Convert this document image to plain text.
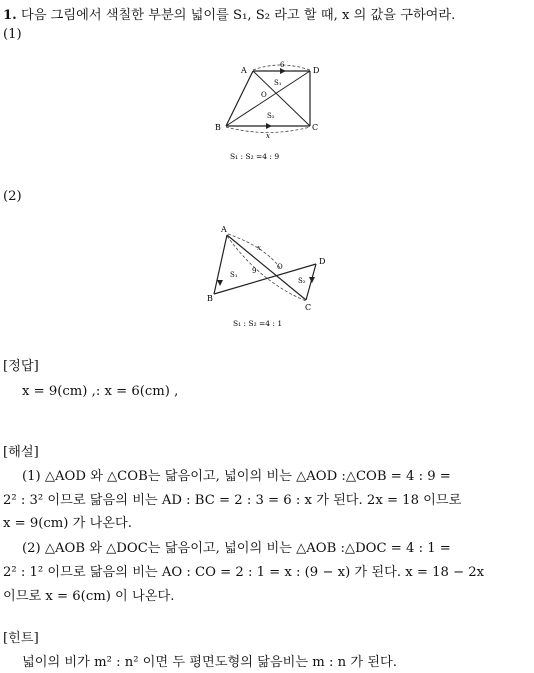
1. 다음 그림에서 색칠한 부분의 넓이를 S₁, S₂ 라고 할 때, x 의 값을 구하여라.
(1)
A	D
B	C
O
S₁
S₂
6
x
S₁ : S₂ =4 : 9
(2)
A
D
B
C
O
S₁
S₂
x
9
S₁ : S₂ =4 : 1
[정답]
x = 9(cm) ,: x = 6(cm) ,
[해설]
(1) △AOD 와 △COB는 닮음이고, 넓이의 비는 △AOD :△COB = 4 : 9 =
2² : 3² 이므로 닮음의 비는 AD : BC = 2 : 3 = 6 : x 가 된다. 2x = 18 이므로
x = 9(cm) 가 나온다.
(2) △AOB 와 △DOC는 닮음이고, 넓이의 비는 △AOB :△DOC = 4 : 1 =
2² : 1² 이므로 닮음의 비는 AO : CO = 2 : 1 = x : (9 − x) 가 된다. x = 18 − 2x
이므로 x = 6(cm) 이 나온다.
[힌트]
넓이의 비가 m² : n² 이면 두 평면도형의 닮음비는 m : n 가 된다.
